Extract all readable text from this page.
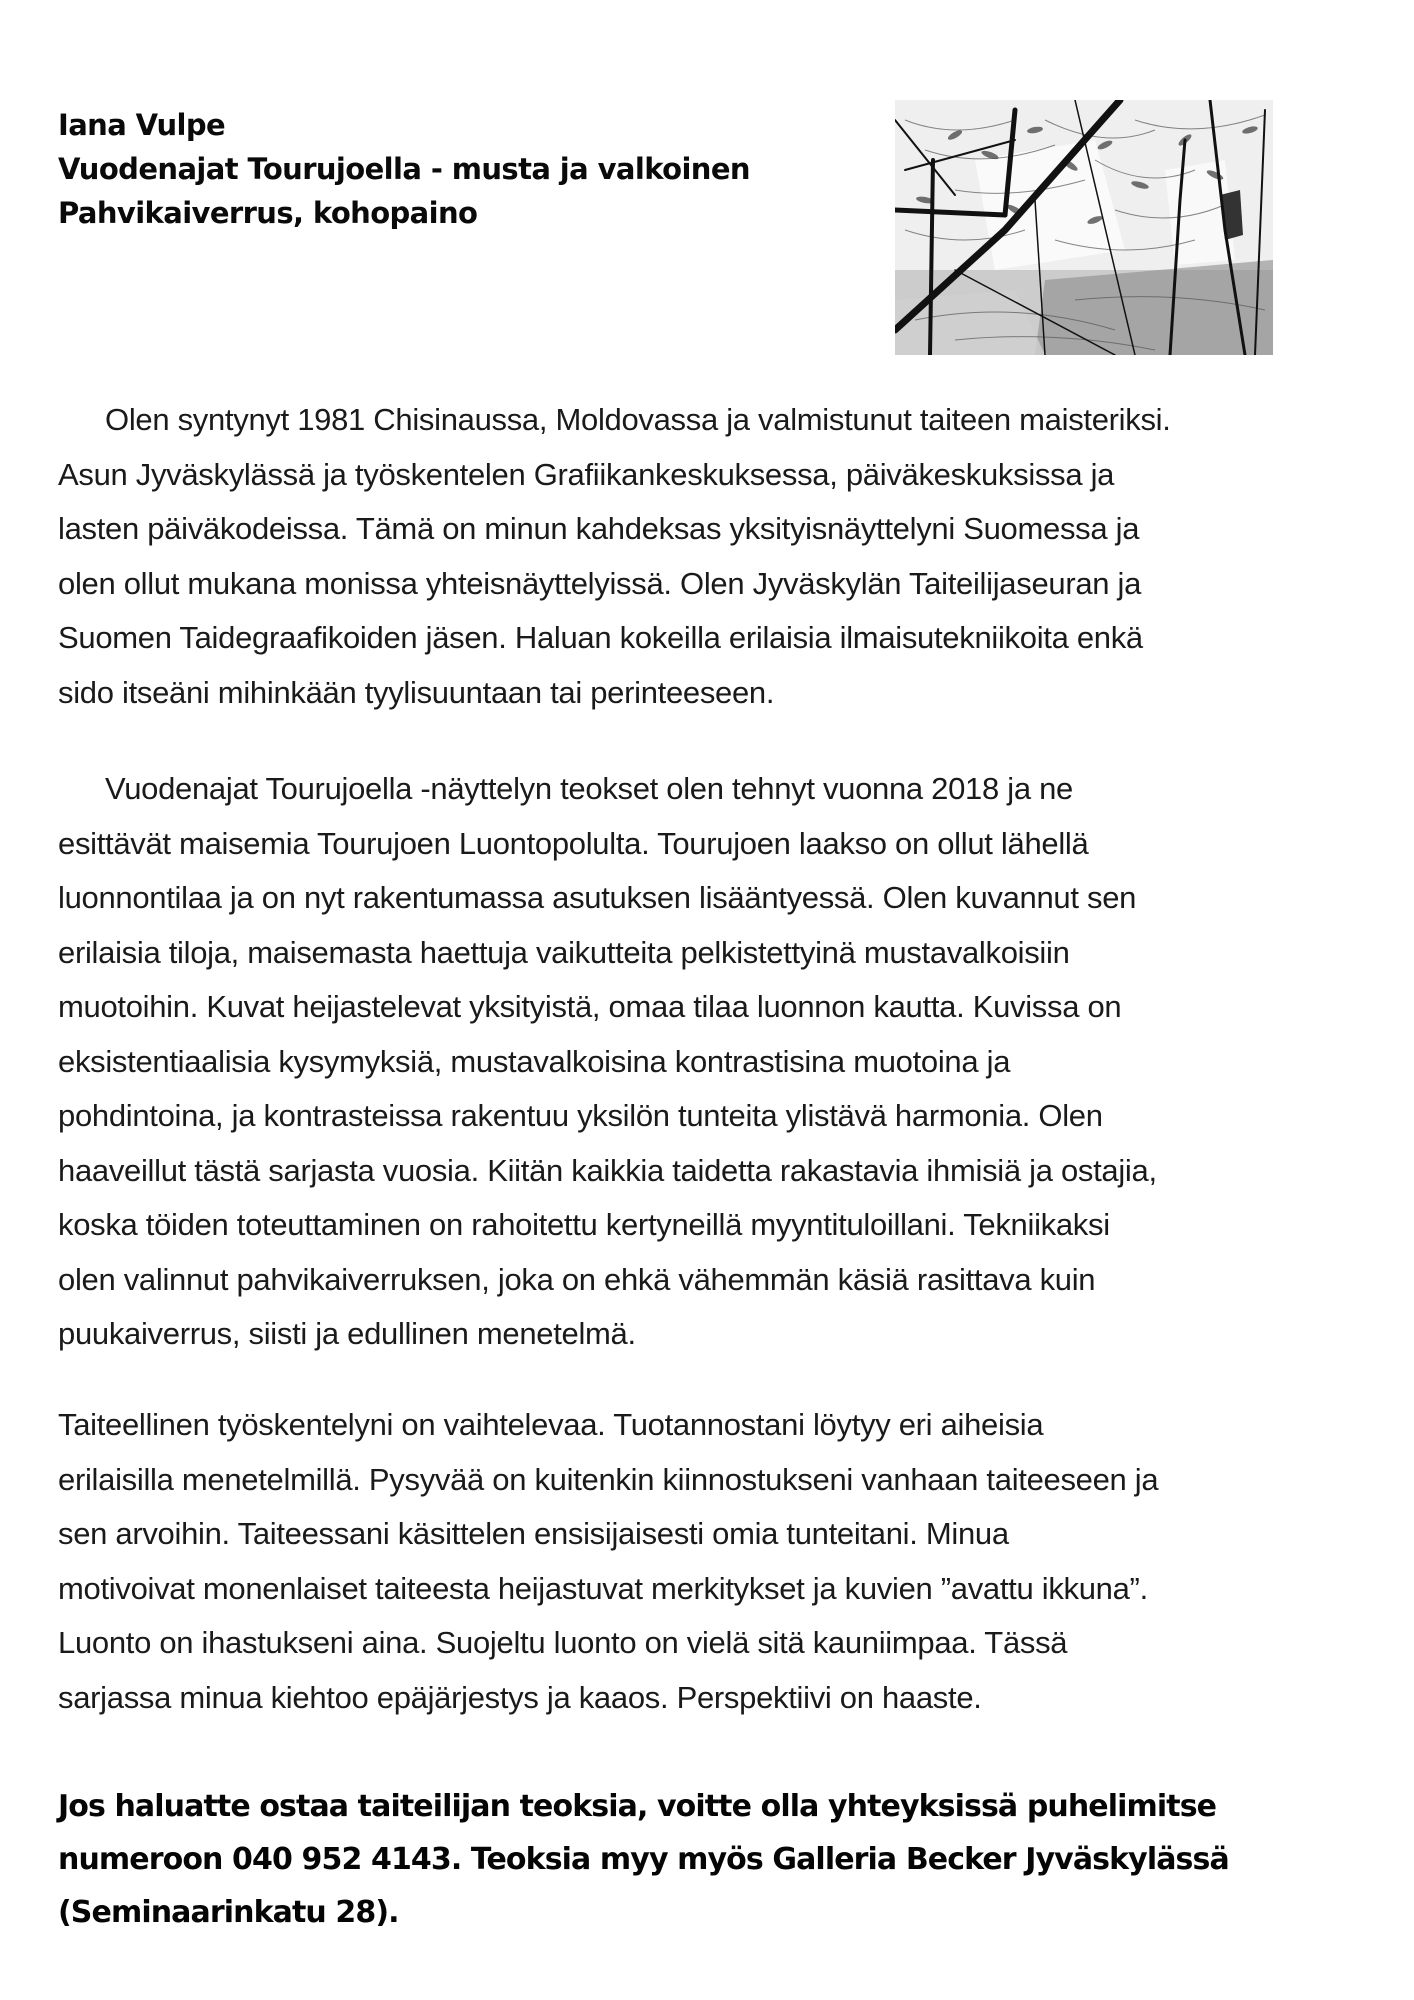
Iana Vulpe
Vuodenajat Tourujoella - musta ja valkoinen
Pahvikaiverrus, kohopaino
Olen syntynyt 1981 Chisinaussa, Moldovassa ja valmistunut taiteen maisteriksi.
Asun Jyväskylässä ja työskentelen Grafiikankeskuksessa, päiväkeskuksissa ja
lasten päiväkodeissa. Tämä on minun kahdeksas yksityisnäyttelyni Suomessa ja
olen ollut mukana monissa yhteisnäyttelyissä. Olen Jyväskylän Taiteilijaseuran ja
Suomen Taidegraafikoiden jäsen. Haluan kokeilla erilaisia ilmaisutekniikoita enkä
sido itseäni mihinkään tyylisuuntaan tai perinteeseen.
Vuodenajat Tourujoella -näyttelyn teokset olen tehnyt vuonna 2018 ja ne
esittävät maisemia Tourujoen Luontopolulta. Tourujoen laakso on ollut lähellä
luonnontilaa ja on nyt rakentumassa asutuksen lisääntyessä. Olen kuvannut sen
erilaisia tiloja, maisemasta haettuja vaikutteita pelkistettyinä mustavalkoisiin
muotoihin. Kuvat heijastelevat yksityistä, omaa tilaa luonnon kautta. Kuvissa on
eksistentiaalisia kysymyksiä, mustavalkoisina kontrastisina muotoina ja
pohdintoina, ja kontrasteissa rakentuu yksilön tunteita ylistävä harmonia. Olen
haaveillut tästä sarjasta vuosia. Kiitän kaikkia taidetta rakastavia ihmisiä ja ostajia,
koska töiden toteuttaminen on rahoitettu kertyneillä myyntituloillani. Tekniikaksi
olen valinnut pahvikaiverruksen, joka on ehkä vähemmän käsiä rasittava kuin
puukaiverrus, siisti ja edullinen menetelmä.
Taiteellinen työskentelyni on vaihtelevaa. Tuotannostani löytyy eri aiheisia
erilaisilla menetelmillä. Pysyvää on kuitenkin kiinnostukseni vanhaan taiteeseen ja
sen arvoihin. Taiteessani käsittelen ensisijaisesti omia tunteitani. Minua
motivoivat monenlaiset taiteesta heijastuvat merkitykset ja kuvien ”avattu ikkuna”.
Luonto on ihastukseni aina. Suojeltu luonto on vielä sitä kauniimpaa. Tässä
sarjassa minua kiehtoo epäjärjestys ja kaaos. Perspektiivi on haaste.
Jos haluatte ostaa taiteilijan teoksia, voitte olla yhteyksissä puhelimitse
numeroon 040 952 4143. Teoksia myy myös Galleria Becker Jyväskylässä
(Seminaarinkatu 28).
